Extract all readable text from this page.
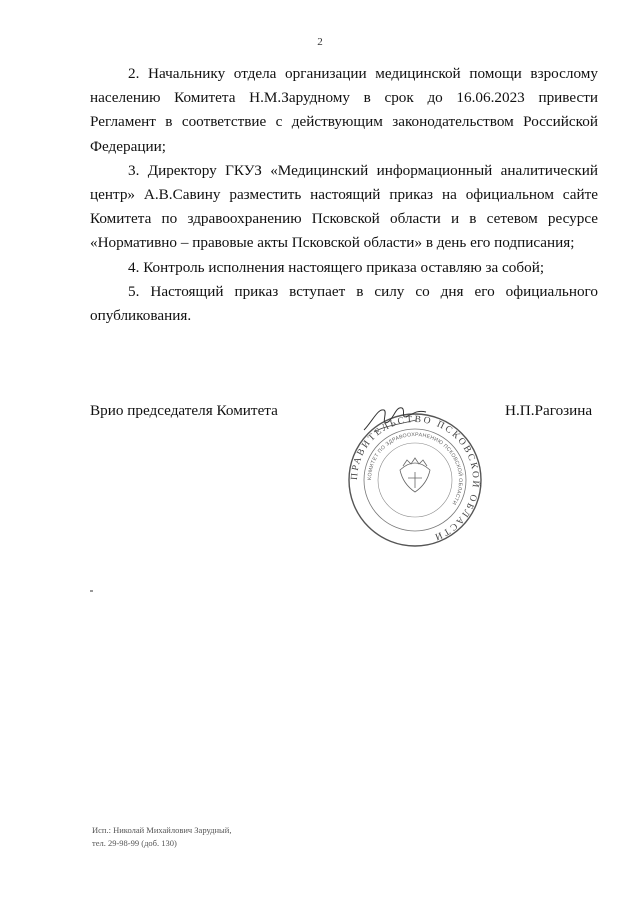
2

2. Начальнику отдела организации медицинской помощи взрослому населению Комитета Н.М.Зарудному в срок до 16.06.2023 привести Регламент в соответствие с действующим законодательством Российской Федерации;

3. Директору ГКУЗ «Медицинский информационный аналитический центр» А.В.Савину разместить настоящий приказ на официальном сайте Комитета по здравоохранению Псковской области и в сетевом ресурсе «Нормативно – правовые акты Псковской области» в день его подписания;

4. Контроль исполнения настоящего приказа оставляю за собой;

5. Настоящий приказ вступает в силу со дня его официального опубликования.

Врио председателя Комитета	Н.П.Рагозина
ПРАВИТЕЛЬСТВО ПСКОВСКОЙ ОБЛАСТИ
КОМИТЕТ ПО ЗДРАВООХРАНЕНИЮ ПСКОВСКОЙ ОБЛАСТИ
Исп.: Николай Михайлович Зарудный,
тел. 29-98-99 (доб. 130)
